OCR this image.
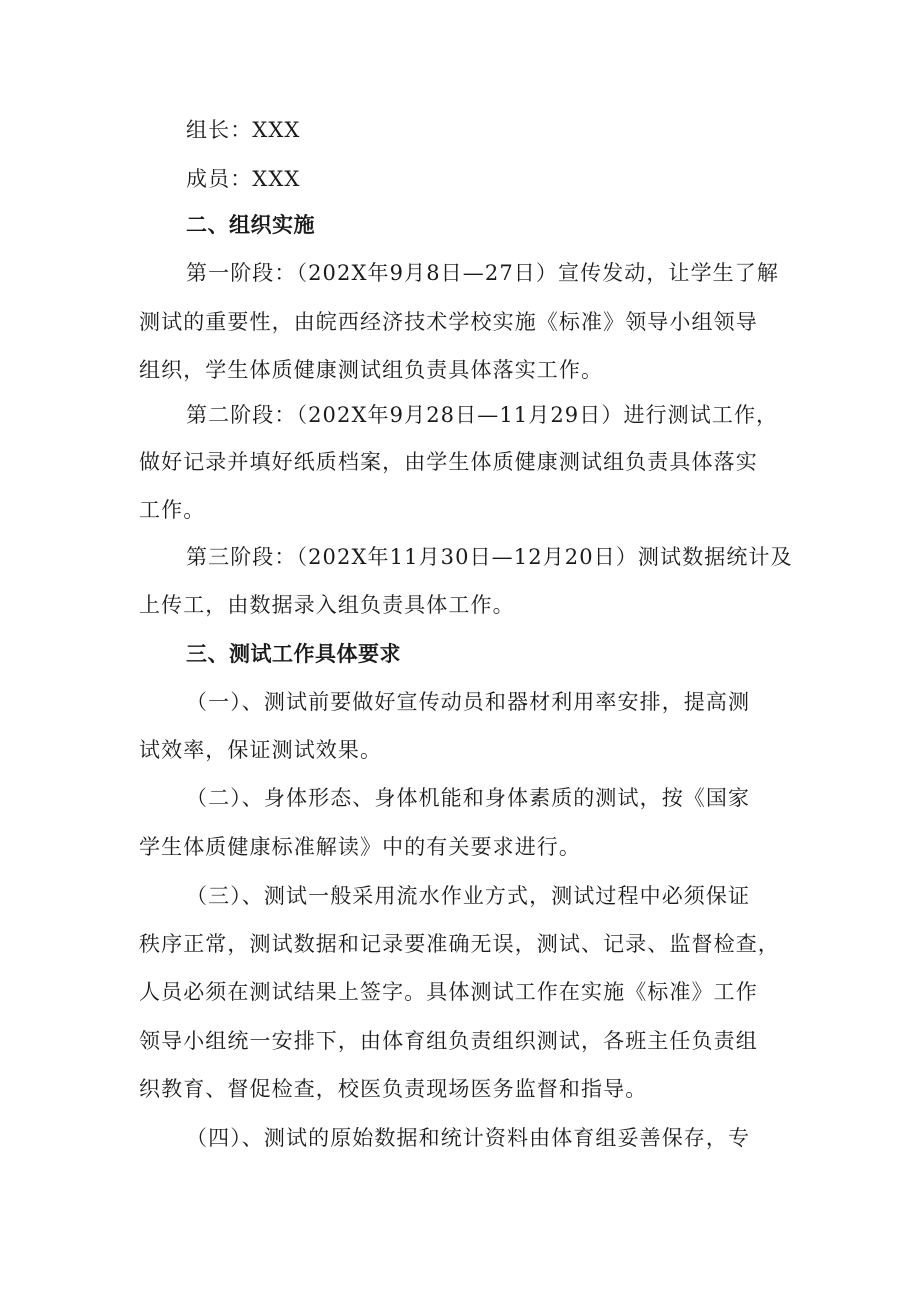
组长：XXX

成员：XXX

二、组织实施

第一阶段：（202X年9月8日—27日）宣传发动，让学生了解

测试的重要性，由皖西经济技术学校实施《标准》领导小组领导

组织，学生体质健康测试组负责具体落实工作。

第二阶段：（202X年9月28日—11月29日）进行测试工作，

做好记录并填好纸质档案，由学生体质健康测试组负责具体落实

工作。

第三阶段：（202X年11月30日—12月20日）测试数据统计及

上传工，由数据录入组负责具体工作。

三、测试工作具体要求

（一）、测试前要做好宣传动员和器材利用率安排，提高测

试效率，保证测试效果。

（二）、身体形态、身体机能和身体素质的测试，按《国家

学生体质健康标准解读》中的有关要求进行。

（三）、测试一般采用流水作业方式，测试过程中必须保证

秩序正常，测试数据和记录要准确无误，测试、记录、监督检查，

人员必须在测试结果上签字。具体测试工作在实施《标准》工作

领导小组统一安排下，由体育组负责组织测试，各班主任负责组

织教育、督促检查，校医负责现场医务监督和指导。

（四）、测试的原始数据和统计资料由体育组妥善保存，专
